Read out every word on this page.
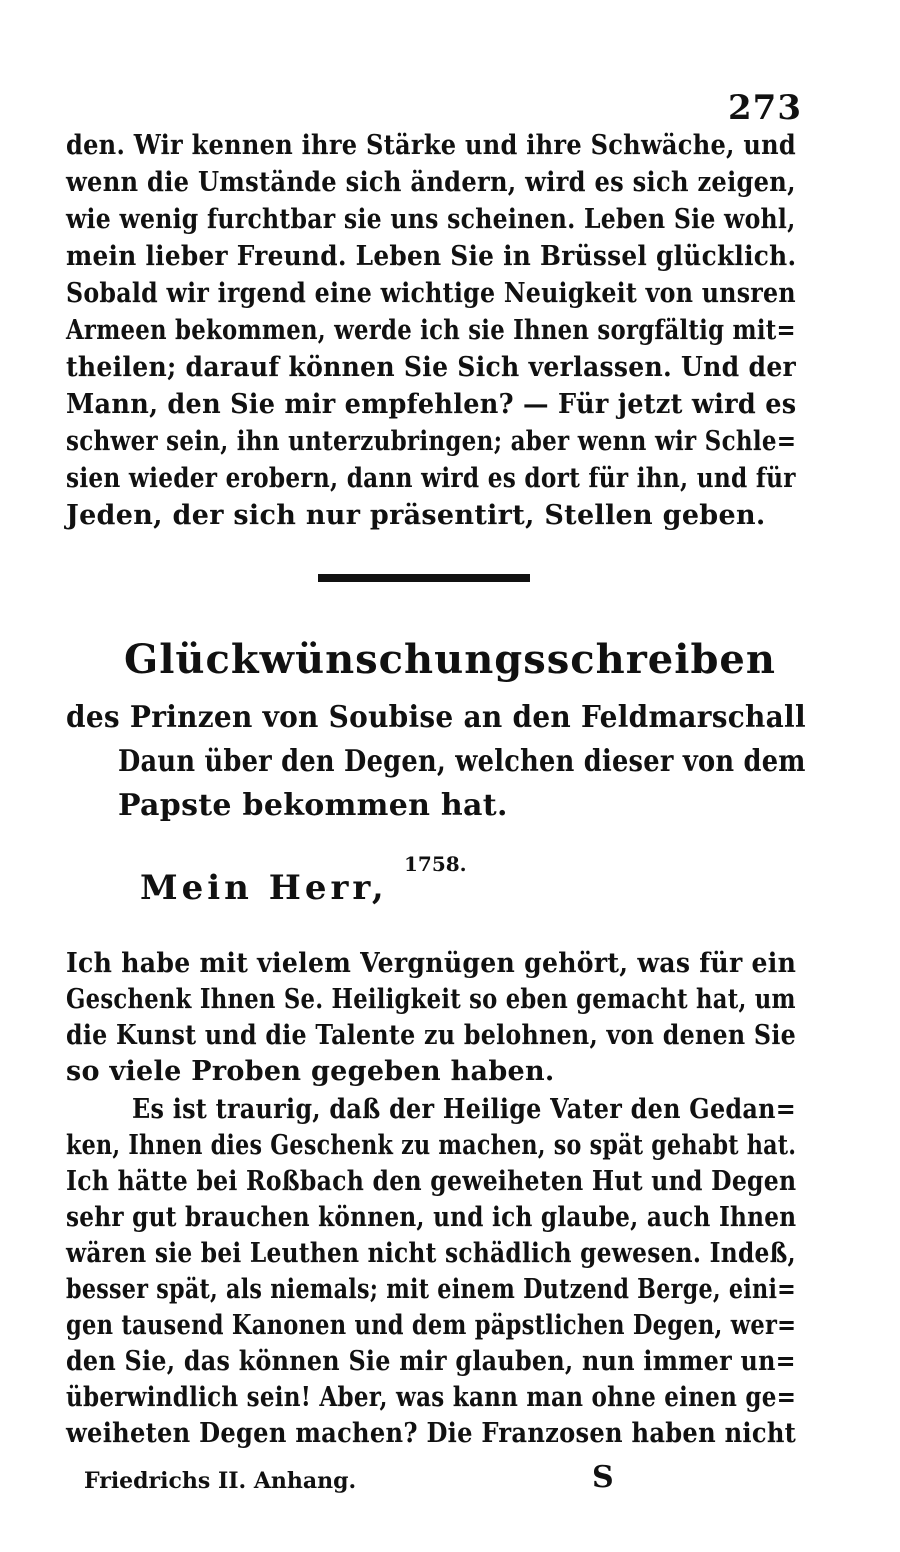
273
den. Wir kennen ihre Stärke und ihre Schwäche, und
wenn die Umstände sich ändern, wird es sich zeigen,
wie wenig furchtbar sie uns scheinen. Leben Sie wohl,
mein lieber Freund. Leben Sie in Brüssel glücklich.
Sobald wir irgend eine wichtige Neuigkeit von unsren
Armeen bekommen, werde ich sie Ihnen sorgfältig mit=
theilen; darauf können Sie Sich verlassen. Und der
Mann, den Sie mir empfehlen? — Für jetzt wird es
schwer sein, ihn unterzubringen; aber wenn wir Schle=
sien wieder erobern, dann wird es dort für ihn, und für
Jeden, der sich nur präsentirt, Stellen geben.
Glückwünschungsschreiben
des Prinzen von Soubise an den Feldmarschall
Daun über den Degen, welchen dieser von dem
Papste bekommen hat.
1758.
Mein Herr,
Ich habe mit vielem Vergnügen gehört, was für ein
Geschenk Ihnen Se. Heiligkeit so eben gemacht hat, um
die Kunst und die Talente zu belohnen, von denen Sie
so viele Proben gegeben haben.
Es ist traurig, daß der Heilige Vater den Gedan=
ken, Ihnen dies Geschenk zu machen, so spät gehabt hat.
Ich hätte bei Roßbach den geweiheten Hut und Degen
sehr gut brauchen können, und ich glaube, auch Ihnen
wären sie bei Leuthen nicht schädlich gewesen. Indeß,
besser spät, als niemals; mit einem Dutzend Berge, eini=
gen tausend Kanonen und dem päpstlichen Degen, wer=
den Sie, das können Sie mir glauben, nun immer un=
überwindlich sein! Aber, was kann man ohne einen ge=
weiheten Degen machen? Die Franzosen haben nicht
Friedrichs II. Anhang.	S
